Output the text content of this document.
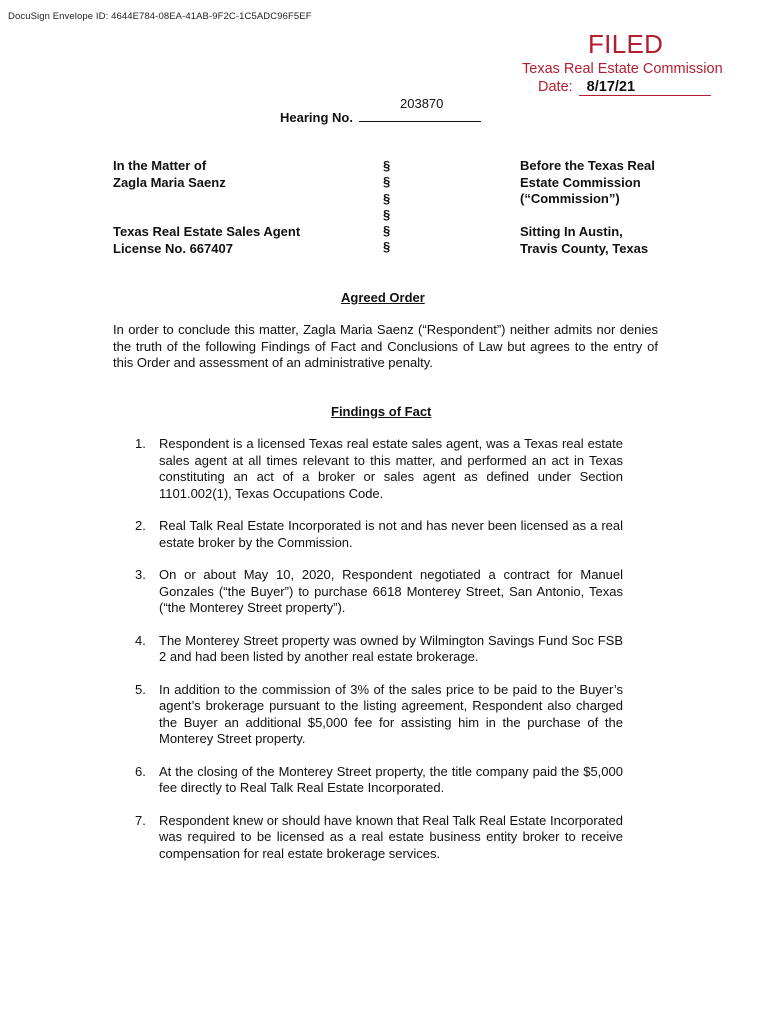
DocuSign Envelope ID: 4644E784-08EA-41AB-9F2C-1C5ADC96F5EF
FILED
Texas Real Estate Commission
Date: 8/17/21
203870
Hearing No.
In the Matter of
Zagla Maria Saenz
Texas Real Estate Sales Agent
License No. 667407
§
§
§
§
§
§
Before the Texas Real
Estate Commission
(“Commission”)
Sitting In Austin,
Travis County, Texas
Agreed Order
In order to conclude this matter, Zagla Maria Saenz (“Respondent”) neither admits nor denies the truth of the following Findings of Fact and Conclusions of Law but agrees to the entry of this Order and assessment of an administrative penalty.
Findings of Fact
1. Respondent is a licensed Texas real estate sales agent, was a Texas real estate sales agent at all times relevant to this matter, and performed an act in Texas constituting an act of a broker or sales agent as defined under Section 1101.002(1), Texas Occupations Code.
2. Real Talk Real Estate Incorporated is not and has never been licensed as a real estate broker by the Commission.
3. On or about May 10, 2020, Respondent negotiated a contract for Manuel Gonzales (“the Buyer”) to purchase 6618 Monterey Street, San Antonio, Texas (“the Monterey Street property”).
4. The Monterey Street property was owned by Wilmington Savings Fund Soc FSB 2 and had been listed by another real estate brokerage.
5. In addition to the commission of 3% of the sales price to be paid to the Buyer’s agent’s brokerage pursuant to the listing agreement, Respondent also charged the Buyer an additional $5,000 fee for assisting him in the purchase of the Monterey Street property.
6. At the closing of the Monterey Street property, the title company paid the $5,000 fee directly to Real Talk Real Estate Incorporated.
7. Respondent knew or should have known that Real Talk Real Estate Incorporated was required to be licensed as a real estate business entity broker to receive compensation for real estate brokerage services.
